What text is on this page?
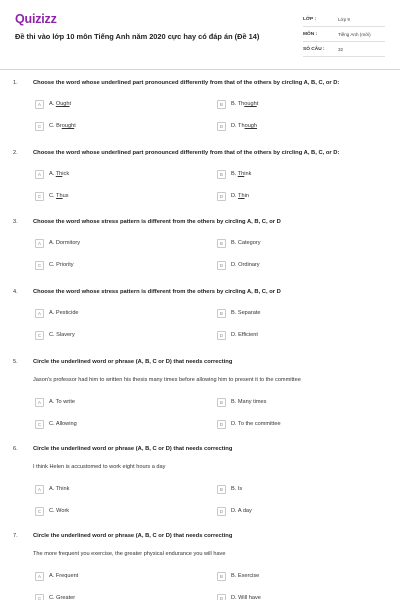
Quizizz
Đề thi vào lớp 10 môn Tiếng Anh năm 2020 cực hay có đáp án (Đề 14)
LỚP :	Lớp 9
MÔN :	Tiếng Anh (mới)
SỐ CÂU :	32
1.	Choose the word whose underlined part pronounced differently from that of the others by circling A, B, C, or D:
A	A. Ought	B	B. Thought
C	C. Brought	D	D. Though
2.	Choose the word whose underlined part pronounced differently from that of the others by circling A, B, C, or D:
A	A. Thick	B	B. Think
C	C. Thus	D	D. Thin
3.	Choose the word whose stress pattern is different from the others by circling A, B, C, or D
A	A. Dormitory	B	B. Category
C	C. Priority	D	D. Ordinary
4.	Choose the word whose stress pattern is different from the others by circling A, B, C, or D
A	A. Pesticide	B	B. Separate
C	C. Slavery	D	D. Efficient
5.	Circle the underlined word or phrase (A, B, C or D) that needs correcting
Jason's professor had him to written his thesis many times before allowing him to present it to the committee
A	A. To write	B	B. Many times
C	C. Allowing	D	D. To the committee
6.	Circle the underlined word or phrase (A, B, C or D) that needs correcting
I think Helen is accustomed to work eight hours a day
A	A. Think	B	B. Is
C	C. Work	D	D. A day
7.	Circle the underlined word or phrase (A, B, C or D) that needs correcting
The more frequent you exercise, the greater physical endurance you will have
A	A. Frequent	B	B. Exercise
C	C. Greater	D	D. Will have
